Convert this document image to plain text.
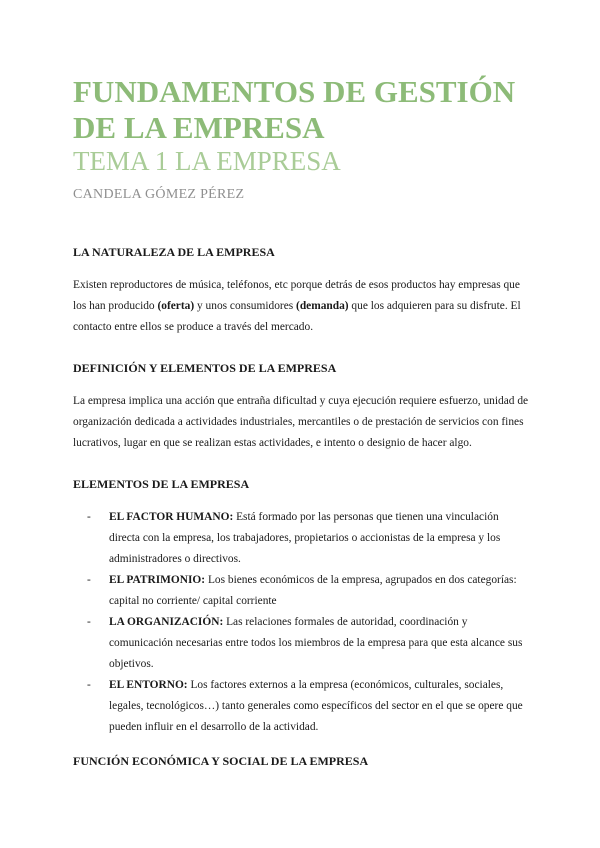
FUNDAMENTOS DE GESTIÓN DE LA EMPRESA
TEMA 1 LA EMPRESA
CANDELA GÓMEZ PÉREZ
LA NATURALEZA DE LA EMPRESA

Existen reproductores de música, teléfonos, etc porque detrás de esos productos hay empresas que los han producido (oferta) y unos consumidores (demanda) que los adquieren para su disfrute. El contacto entre ellos se produce a través del mercado.

DEFINICIÓN Y ELEMENTOS DE LA EMPRESA

La empresa implica una acción que entraña dificultad y cuya ejecución requiere esfuerzo, unidad de organización dedicada a actividades industriales, mercantiles o de prestación de servicios con fines lucrativos, lugar en que se realizan estas actividades, e intento o designio de hacer algo.

ELEMENTOS DE LA EMPRESA
- EL FACTOR HUMANO: Está formado por las personas que tienen una vinculación directa con la empresa, los trabajadores, propietarios o accionistas de la empresa y los administradores o directivos.
- EL PATRIMONIO: Los bienes económicos de la empresa, agrupados en dos categorías: capital no corriente/ capital corriente
- LA ORGANIZACIÓN: Las relaciones formales de autoridad, coordinación y comunicación necesarias entre todos los miembros de la empresa para que esta alcance sus objetivos.
- EL ENTORNO: Los factores externos a la empresa (económicos, culturales, sociales, legales, tecnológicos…) tanto generales como específicos del sector en el que se opere que pueden influir en el desarrollo de la actividad.
FUNCIÓN ECONÓMICA Y SOCIAL DE LA EMPRESA
